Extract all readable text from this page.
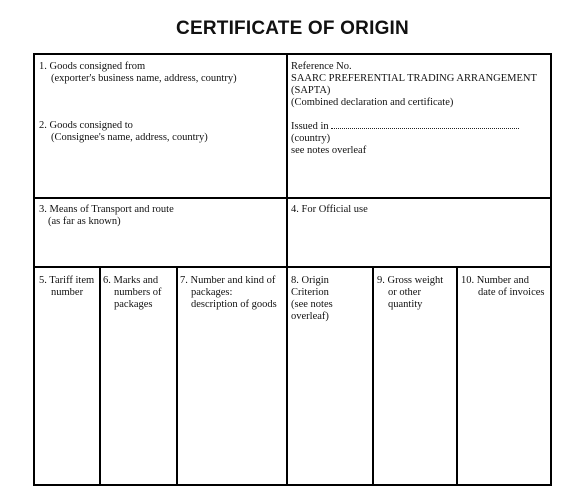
CERTIFICATE OF ORIGIN
1. Goods consigned from
(exporter's business name, address, country)
2. Goods consigned to
(Consignee's name, address, country)
Reference No.
SAARC PREFERENTIAL TRADING ARRANGEMENT
(SAPTA)
(Combined declaration and certificate)
Issued in
(country)
see notes overleaf
3. Means of Transport and route
(as far as known)
4. For Official use
5. Tariff item
number
6. Marks and
numbers of
packages
7. Number and kind of
packages:
description of goods
8. Origin
Criterion
(see notes
overleaf)
9. Gross weight
or other
quantity
10. Number and
date of invoices
